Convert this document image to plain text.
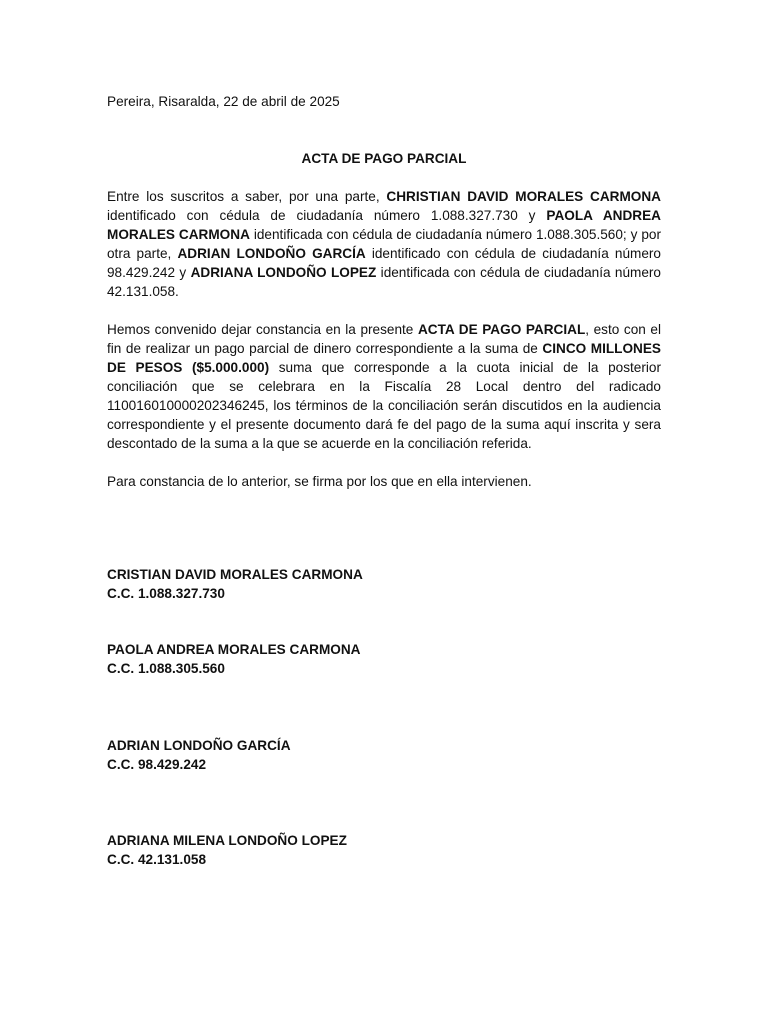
Pereira, Risaralda, 22 de abril de 2025

ACTA DE PAGO PARCIAL

Entre los suscritos a saber, por una parte, CHRISTIAN DAVID MORALES CARMONA identificado con cédula de ciudadanía número 1.088.327.730 y PAOLA ANDREA MORALES CARMONA identificada con cédula de ciudadanía número 1.088.305.560; y por otra parte, ADRIAN LONDOÑO GARCÍA identificado con cédula de ciudadanía número 98.429.242 y ADRIANA LONDOÑO LOPEZ identificada con cédula de ciudadanía número 42.131.058.

Hemos convenido dejar constancia en la presente ACTA DE PAGO PARCIAL, esto con el fin de realizar un pago parcial de dinero correspondiente a la suma de CINCO MILLONES DE PESOS ($5.000.000) suma que corresponde a la cuota inicial de la posterior conciliación que se celebrara en la Fiscalía 28 Local dentro del radicado 110016010000202346245, los términos de la conciliación serán discutidos en la audiencia correspondiente y el presente documento dará fe del pago de la suma aquí inscrita y sera descontado de la suma a la que se acuerde en la conciliación referida.

Para constancia de lo anterior, se firma por los que en ella intervienen.

CRISTIAN DAVID MORALES CARMONA
C.C. 1.088.327.730
PAOLA ANDREA MORALES CARMONA
C.C. 1.088.305.560
ADRIAN LONDOÑO GARCÍA
C.C. 98.429.242
ADRIANA MILENA LONDOÑO LOPEZ
C.C. 42.131.058
